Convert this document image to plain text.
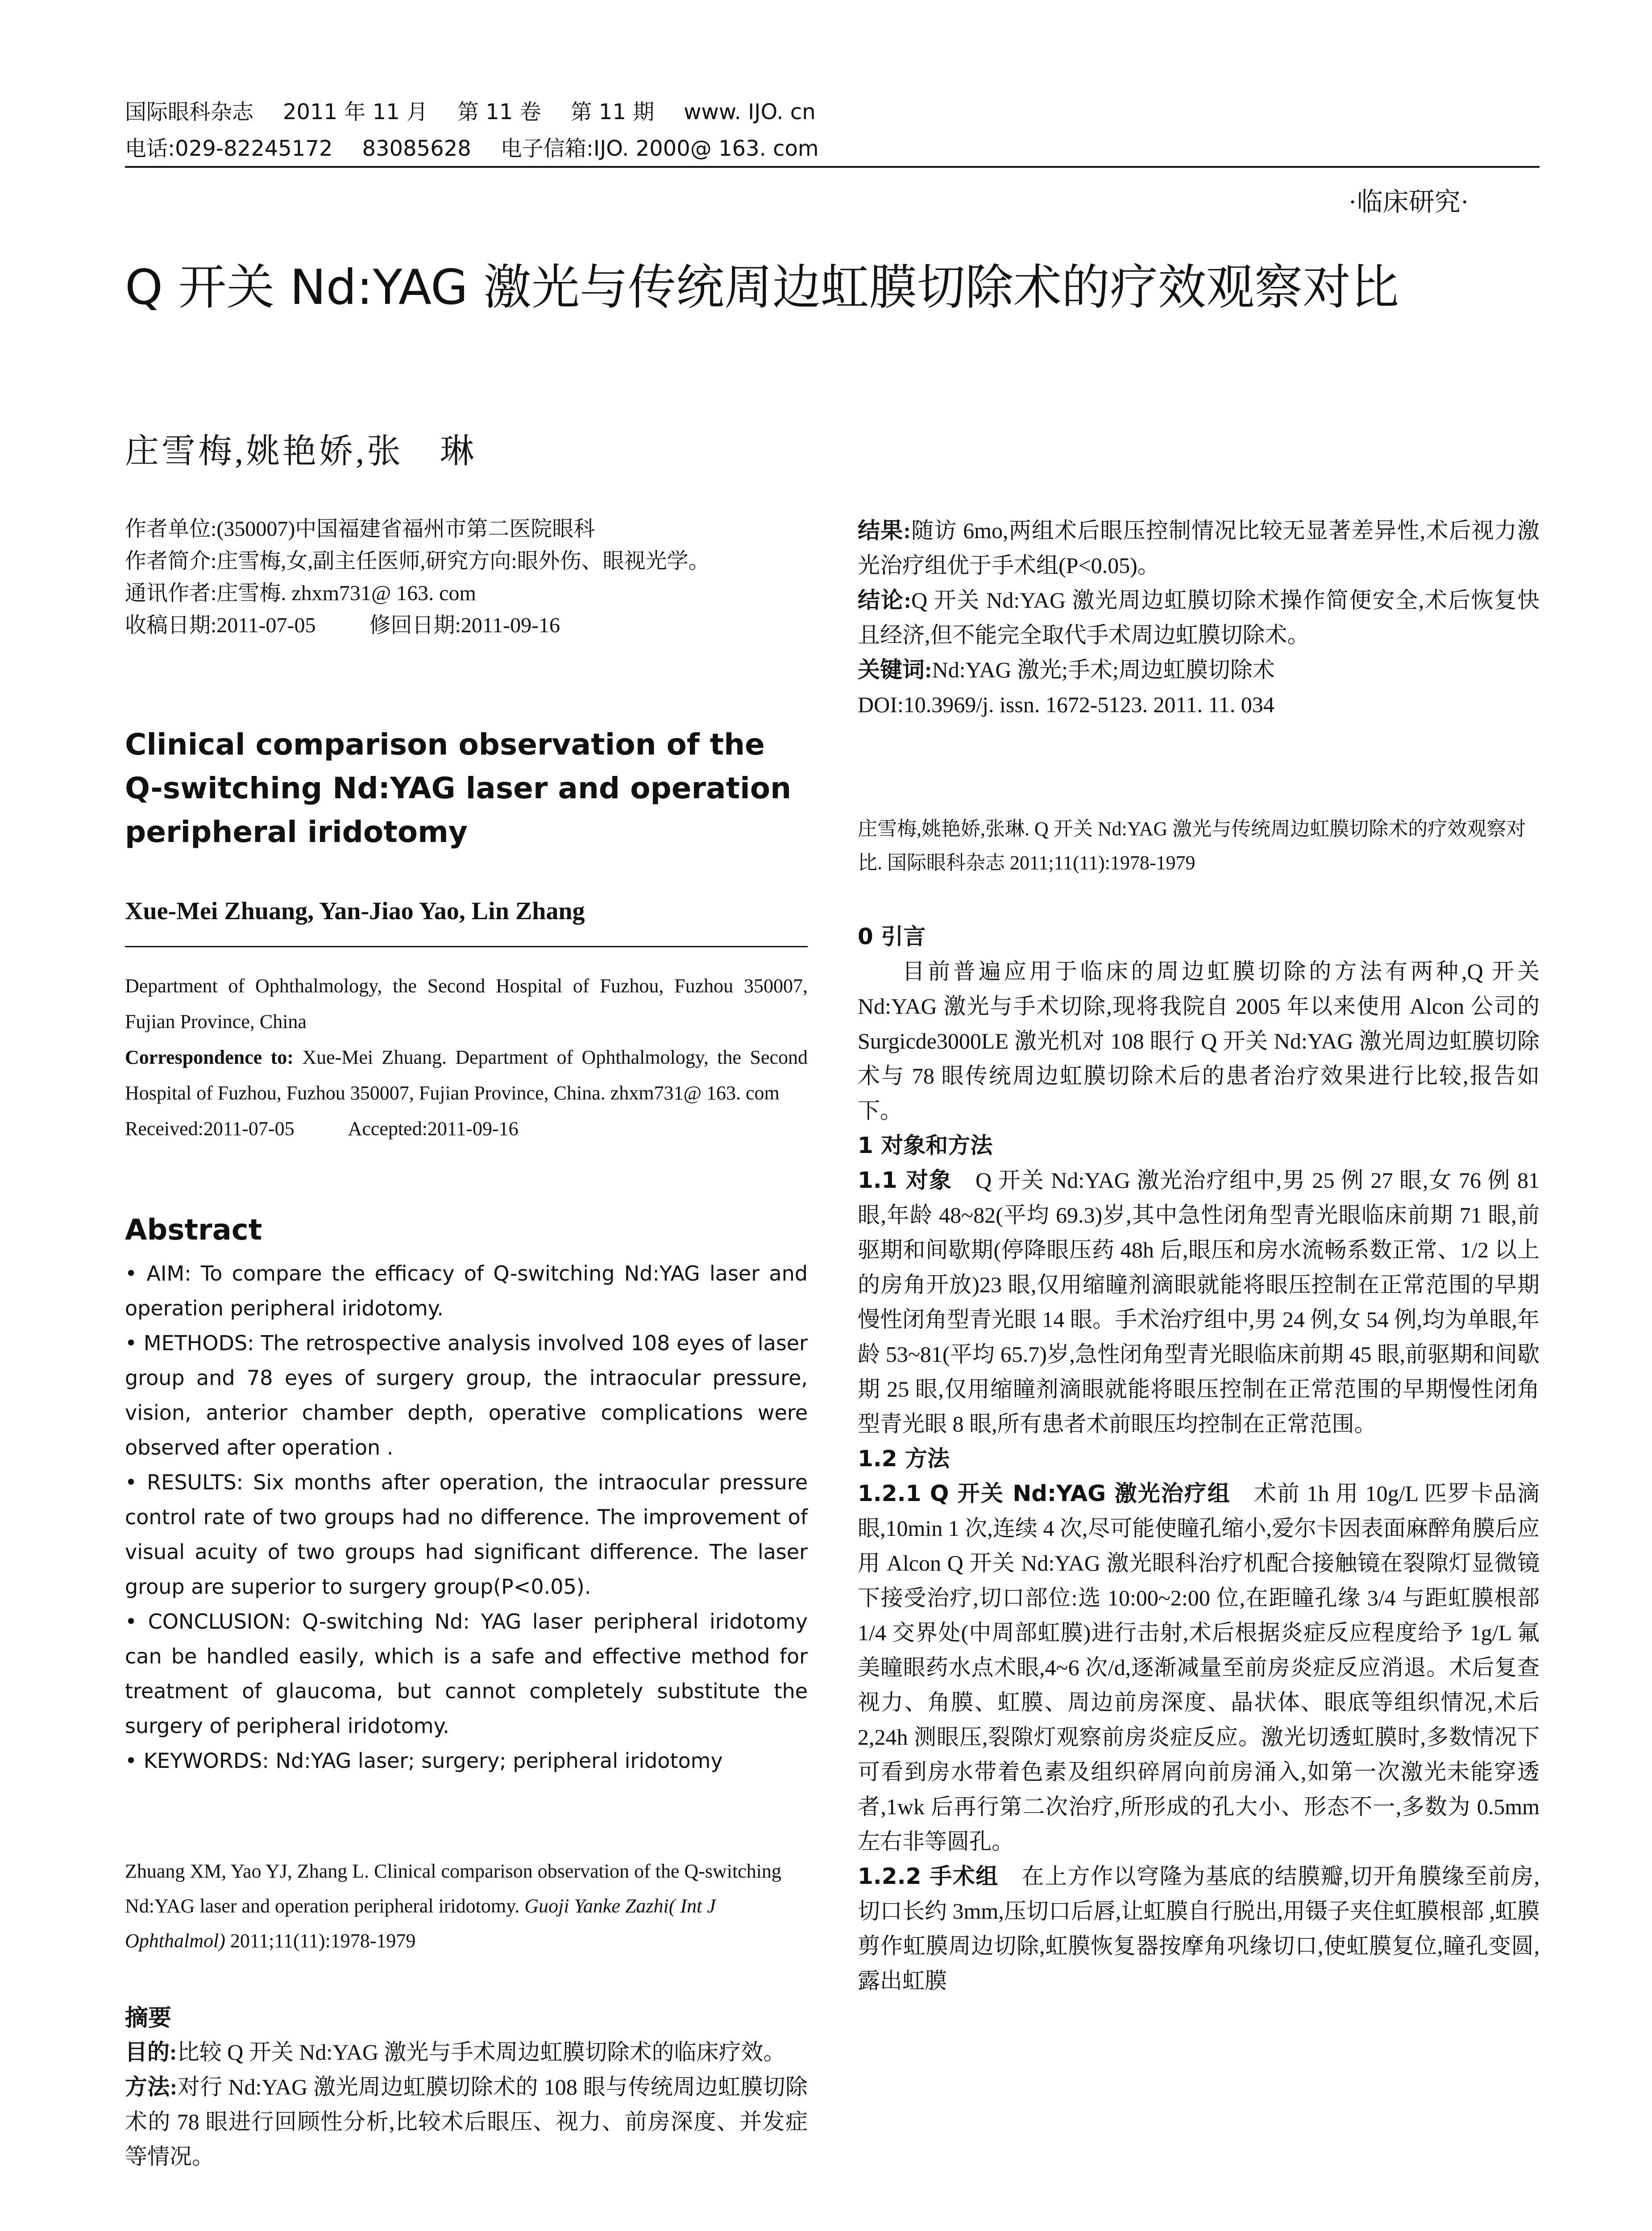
国际眼科杂志 2011 年 11 月 第 11 卷 第 11 期 www. IJO. cn
电话:029-82245172 83085628 电子信箱:IJO. 2000@ 163. com
·临床研究·
Q 开关 Nd:YAG 激光与传统周边虹膜切除术的疗效观察对比
庄雪梅,姚艳娇,张　琳
作者单位:(350007)中国福建省福州市第二医院眼科
作者简介:庄雪梅,女,副主任医师,研究方向:眼外伤、眼视光学。
通讯作者:庄雪梅. zhxm731@ 163. com
收稿日期:2011-07-05	修回日期:2011-09-16
Clinical comparison observation of the Q-switching Nd:YAG laser and operation peripheral iridotomy
Xue-Mei Zhuang, Yan-Jiao Yao, Lin Zhang
Department of Ophthalmology, the Second Hospital of Fuzhou, Fuzhou 350007, Fujian Province, China
Correspondence to: Xue-Mei Zhuang. Department of Ophthalmology, the Second Hospital of Fuzhou, Fuzhou 350007, Fujian Province, China. zhxm731@ 163. com
Received:2011-07-05	Accepted:2011-09-16
Abstract

• AIM: To compare the efficacy of Q-switching Nd:YAG laser and operation peripheral iridotomy.

• METHODS: The retrospective analysis involved 108 eyes of laser group and 78 eyes of surgery group, the intraocular pressure, vision, anterior chamber depth, operative complications were observed after operation .

• RESULTS: Six months after operation, the intraocular pressure control rate of two groups had no difference. The improvement of visual acuity of two groups had significant difference. The laser group are superior to surgery group(P<0.05).

• CONCLUSION: Q-switching Nd: YAG laser peripheral iridotomy can be handled easily, which is a safe and effective method for treatment of glaucoma, but cannot completely substitute the surgery of peripheral iridotomy.

• KEYWORDS: Nd:YAG laser; surgery; peripheral iridotomy

Zhuang XM, Yao YJ, Zhang L. Clinical comparison observation of the Q-switching Nd:YAG laser and operation peripheral iridotomy. Guoji Yanke Zazhi( Int J Ophthalmol) 2011;11(11):1978-1979
摘要

目的:比较 Q 开关 Nd:YAG 激光与手术周边虹膜切除术的临床疗效。

方法:对行 Nd:YAG 激光周边虹膜切除术的 108 眼与传统周边虹膜切除术的 78 眼进行回顾性分析,比较术后眼压、视力、前房深度、并发症等情况。

结果:随访 6mo,两组术后眼压控制情况比较无显著差异性,术后视力激光治疗组优于手术组(P<0.05)。

结论:Q 开关 Nd:YAG 激光周边虹膜切除术操作简便安全,术后恢复快且经济,但不能完全取代手术周边虹膜切除术。

关键词:Nd:YAG 激光;手术;周边虹膜切除术

DOI:10.3969/j. issn. 1672-5123. 2011. 11. 034

庄雪梅,姚艳娇,张琳. Q 开关 Nd:YAG 激光与传统周边虹膜切除术的疗效观察对比. 国际眼科杂志 2011;11(11):1978-1979

0 引言

目前普遍应用于临床的周边虹膜切除的方法有两种,Q 开关 Nd:YAG 激光与手术切除,现将我院自 2005 年以来使用 Alcon 公司的 Surgicde3000LE 激光机对 108 眼行 Q 开关 Nd:YAG 激光周边虹膜切除术与 78 眼传统周边虹膜切除术后的患者治疗效果进行比较,报告如下。

1 对象和方法

1.1 对象　Q 开关 Nd:YAG 激光治疗组中,男 25 例 27 眼,女 76 例 81 眼,年龄 48~82(平均 69.3)岁,其中急性闭角型青光眼临床前期 71 眼,前驱期和间歇期(停降眼压药 48h 后,眼压和房水流畅系数正常、1/2 以上的房角开放)23 眼,仅用缩瞳剂滴眼就能将眼压控制在正常范围的早期慢性闭角型青光眼 14 眼。手术治疗组中,男 24 例,女 54 例,均为单眼,年龄 53~81(平均 65.7)岁,急性闭角型青光眼临床前期 45 眼,前驱期和间歇期 25 眼,仅用缩瞳剂滴眼就能将眼压控制在正常范围的早期慢性闭角型青光眼 8 眼,所有患者术前眼压均控制在正常范围。

1.2 方法

1.2.1 Q 开关 Nd:YAG 激光治疗组　术前 1h 用 10g/L 匹罗卡品滴眼,10min 1 次,连续 4 次,尽可能使瞳孔缩小,爱尔卡因表面麻醉角膜后应用 Alcon Q 开关 Nd:YAG 激光眼科治疗机配合接触镜在裂隙灯显微镜下接受治疗,切口部位:选 10:00~2:00 位,在距瞳孔缘 3/4 与距虹膜根部 1/4 交界处(中周部虹膜)进行击射,术后根据炎症反应程度给予 1g/L 氟美瞳眼药水点术眼,4~6 次/d,逐渐减量至前房炎症反应消退。术后复查视力、角膜、虹膜、周边前房深度、晶状体、眼底等组织情况,术后 2,24h 测眼压,裂隙灯观察前房炎症反应。激光切透虹膜时,多数情况下可看到房水带着色素及组织碎屑向前房涌入,如第一次激光未能穿透者,1wk 后再行第二次治疗,所形成的孔大小、形态不一,多数为 0.5mm 左右非等圆孔。

1.2.2 手术组　在上方作以穹隆为基底的结膜瓣,切开角膜缘至前房,切口长约 3mm,压切口后唇,让虹膜自行脱出,用镊子夹住虹膜根部 ,虹膜剪作虹膜周边切除,虹膜恢复器按摩角巩缘切口,使虹膜复位,瞳孔变圆,露出虹膜
